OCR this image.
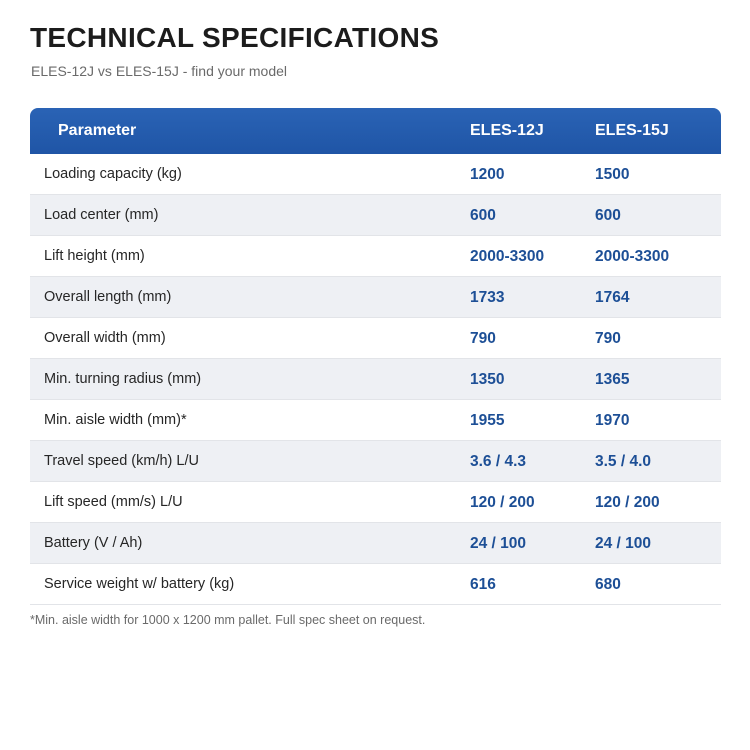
TECHNICAL SPECIFICATIONS
ELES-12J vs ELES-15J - find your model
Parameter	ELES-12J	ELES-15J
Loading capacity (kg)	1200	1500
Load center (mm)	600	600
Lift height (mm)	2000-3300	2000-3300
Overall length (mm)	1733	1764
Overall width (mm)	790	790
Min. turning radius (mm)	1350	1365
Min. aisle width (mm)*	1955	1970
Travel speed (km/h) L/U	3.6 / 4.3	3.5 / 4.0
Lift speed (mm/s) L/U	120 / 200	120 / 200
Battery (V / Ah)	24 / 100	24 / 100
Service weight w/ battery (kg)	616	680
*Min. aisle width for 1000 x 1200 mm pallet. Full spec sheet on request.
